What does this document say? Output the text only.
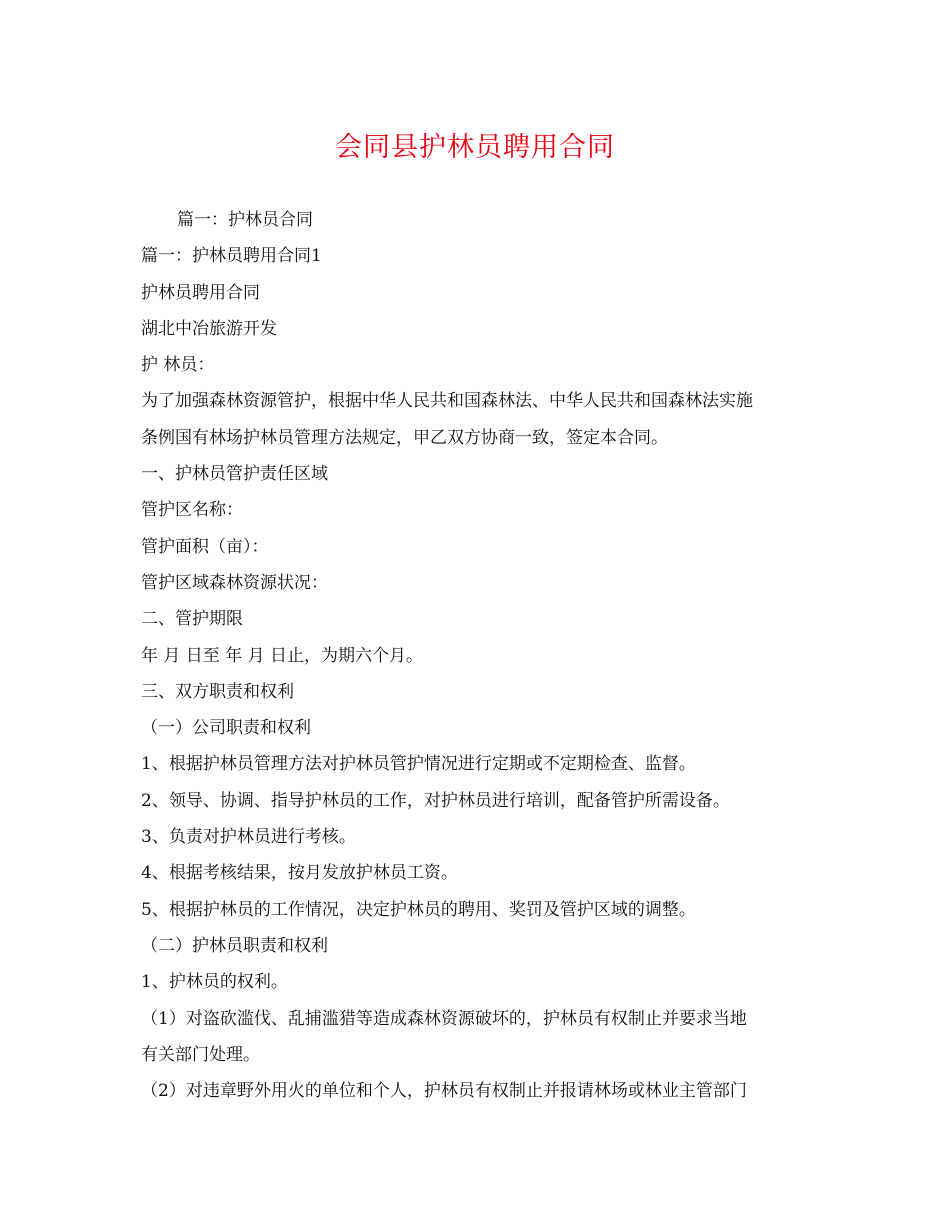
会同县护林员聘用合同

篇一：护林员合同

篇一：护林员聘用合同1

护林员聘用合同

湖北中冶旅游开发

护 林员：

为了加强森林资源管护，根据中华人民共和国森林法、中华人民共和国森林法实施

条例国有林场护林员管理方法规定，甲乙双方协商一致，签定本合同。

一、护林员管护责任区域

管护区名称：

管护面积（亩）：

管护区域森林资源状况：

二、管护期限

年 月 日至 年 月 日止，为期六个月。

三、双方职责和权利

（一）公司职责和权利

1、根据护林员管理方法对护林员管护情况进行定期或不定期检查、监督。

2、领导、协调、指导护林员的工作，对护林员进行培训，配备管护所需设备。

3、负责对护林员进行考核。

4、根据考核结果，按月发放护林员工资。

5、根据护林员的工作情况，决定护林员的聘用、奖罚及管护区域的调整。

（二）护林员职责和权利

1、护林员的权利。

（1）对盗砍滥伐、乱捕滥猎等造成森林资源破坏的，护林员有权制止并要求当地

有关部门处理。

（2）对违章野外用火的单位和个人，护林员有权制止并报请林场或林业主管部门
